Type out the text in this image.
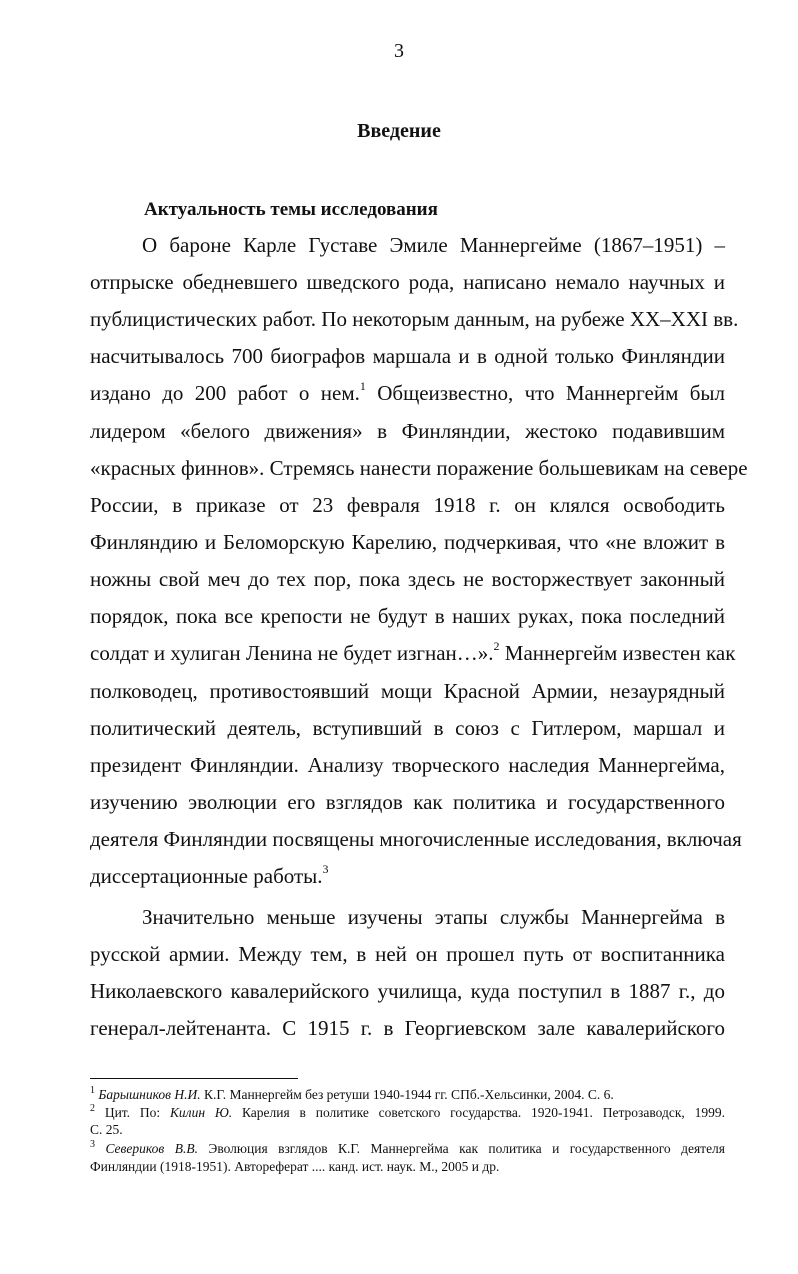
3
Введение
Актуальность темы исследования
О бароне Карле Густаве Эмиле Маннергейме (1867–1951) –
отпрыске обедневшего шведского рода, написано немало научных и
публицистических работ. По некоторым данным, на рубеже XX–XXI вв.
насчитывалось 700 биографов маршала и в одной только Финляндии
издано до 200 работ о нем.$^1$ Общеизвестно, что Маннергейм был
лидером «белого движения» в Финляндии, жестоко подавившим
«красных финнов». Стремясь нанести поражение большевикам на севере
России, в приказе от 23 февраля 1918 г. он клялся освободить
Финляндию и Беломорскую Карелию, подчеркивая, что «не вложит в
ножны свой меч до тех пор, пока здесь не восторжествует законный
порядок, пока все крепости не будут в наших руках, пока последний
солдат и хулиган Ленина не будет изгнан…».$^2$ Маннергейм известен как
полководец, противостоявший мощи Красной Армии, незаурядный
политический деятель, вступивший в союз с Гитлером, маршал и
президент Финляндии. Анализу творческого наследия Маннергейма,
изучению эволюции его взглядов как политика и государственного
деятеля Финляндии посвящены многочисленные исследования, включая
диссертационные работы.$^3$
Значительно меньше изучены этапы службы Маннергейма в
русской армии. Между тем, в ней он прошел путь от воспитанника
Николаевского кавалерийского училища, куда поступил в 1887 г., до
генерал-лейтенанта. С 1915 г. в Георгиевском зале кавалерийского
$^1$ Барышников Н.И. К.Г. Маннергейм без ретуши 1940-1944 гг. СПб.-Хельсинки, 2004. С. 6.
$^2$ Цит. По: Килин Ю. Карелия в политике советского государства. 1920-1941. Петрозаводск, 1999.
С. 25.
$^3$ Севериков В.В. Эволюция взглядов К.Г. Маннергейма как политика и государственного деятеля
Финляндии (1918-1951). Автореферат .... канд. ист. наук. М., 2005 и др.
